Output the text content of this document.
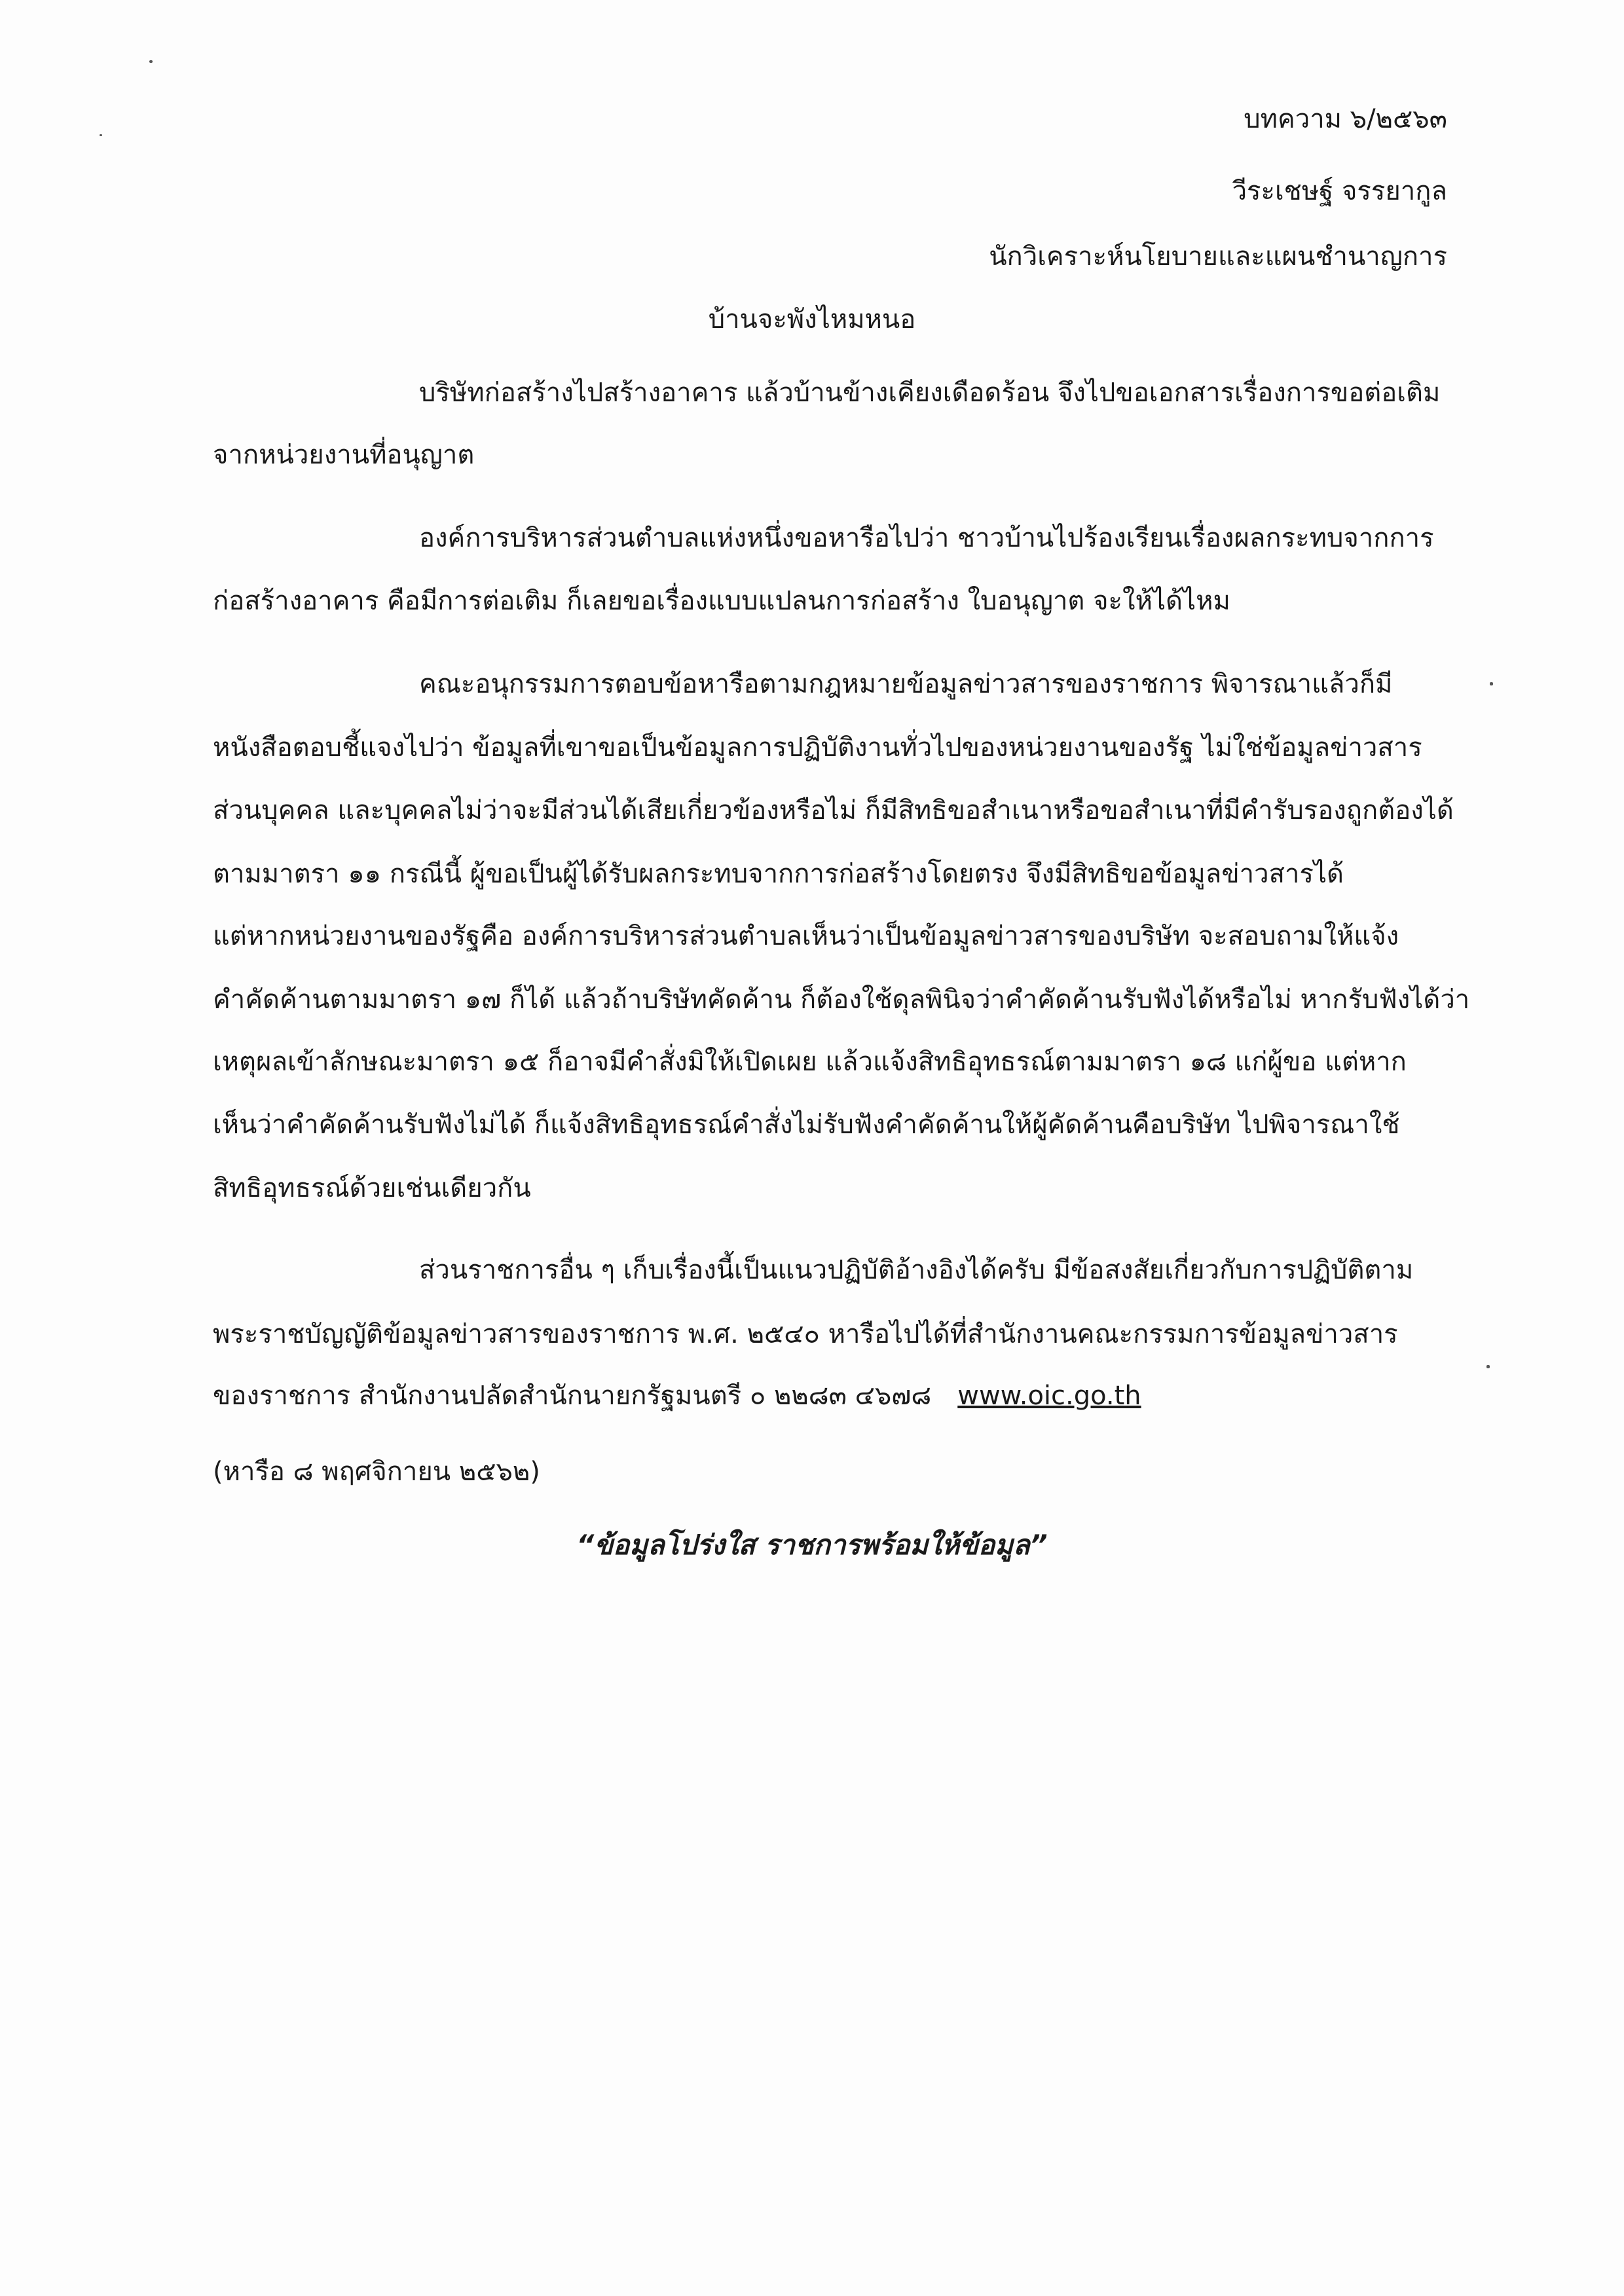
บทความ ๖/๒๕๖๓
วีระเชษฐ์ จรรยากูล
นักวิเคราะห์นโยบายและแผนชำนาญการ
บ้านจะพังไหมหนอ
บริษัทก่อสร้างไปสร้างอาคาร แล้วบ้านข้างเคียงเดือดร้อน จึงไปขอเอกสารเรื่องการขอต่อเติม
จากหน่วยงานที่อนุญาต
องค์การบริหารส่วนตำบลแห่งหนึ่งขอหารือไปว่า ชาวบ้านไปร้องเรียนเรื่องผลกระทบจากการ
ก่อสร้างอาคาร คือมีการต่อเติม ก็เลยขอเรื่องแบบแปลนการก่อสร้าง ใบอนุญาต จะให้ได้ไหม
คณะอนุกรรมการตอบข้อหารือตามกฎหมายข้อมูลข่าวสารของราชการ พิจารณาแล้วก็มี
หนังสือตอบชี้แจงไปว่า ข้อมูลที่เขาขอเป็นข้อมูลการปฏิบัติงานทั่วไปของหน่วยงานของรัฐ ไม่ใช่ข้อมูลข่าวสาร
ส่วนบุคคล และบุคคลไม่ว่าจะมีส่วนได้เสียเกี่ยวข้องหรือไม่ ก็มีสิทธิขอสำเนาหรือขอสำเนาที่มีคำรับรองถูกต้องได้
ตามมาตรา ๑๑ กรณีนี้ ผู้ขอเป็นผู้ได้รับผลกระทบจากการก่อสร้างโดยตรง จึงมีสิทธิขอข้อมูลข่าวสารได้
แต่หากหน่วยงานของรัฐคือ องค์การบริหารส่วนตำบลเห็นว่าเป็นข้อมูลข่าวสารของบริษัท จะสอบถามให้แจ้ง
คำคัดค้านตามมาตรา ๑๗ ก็ได้ แล้วถ้าบริษัทคัดค้าน ก็ต้องใช้ดุลพินิจว่าคำคัดค้านรับฟังได้หรือไม่ หากรับฟังได้ว่า
เหตุผลเข้าลักษณะมาตรา ๑๕ ก็อาจมีคำสั่งมิให้เปิดเผย แล้วแจ้งสิทธิอุทธรณ์ตามมาตรา ๑๘ แก่ผู้ขอ แต่หาก
เห็นว่าคำคัดค้านรับฟังไม่ได้ ก็แจ้งสิทธิอุทธรณ์คำสั่งไม่รับฟังคำคัดค้านให้ผู้คัดค้านคือบริษัท ไปพิจารณาใช้
สิทธิอุทธรณ์ด้วยเช่นเดียวกัน
ส่วนราชการอื่น ๆ เก็บเรื่องนี้เป็นแนวปฏิบัติอ้างอิงได้ครับ มีข้อสงสัยเกี่ยวกับการปฏิบัติตาม
พระราชบัญญัติข้อมูลข่าวสารของราชการ พ.ศ. ๒๕๔๐ หารือไปได้ที่สำนักงานคณะกรรมการข้อมูลข่าวสาร
ของราชการ สำนักงานปลัดสำนักนายกรัฐมนตรี ๐ ๒๒๘๓ ๔๖๗๘ www.oic.go.th
(หารือ ๘ พฤศจิกายน ๒๕๖๒)
“ข้อมูลโปร่งใส ราชการพร้อมให้ข้อมูล”
